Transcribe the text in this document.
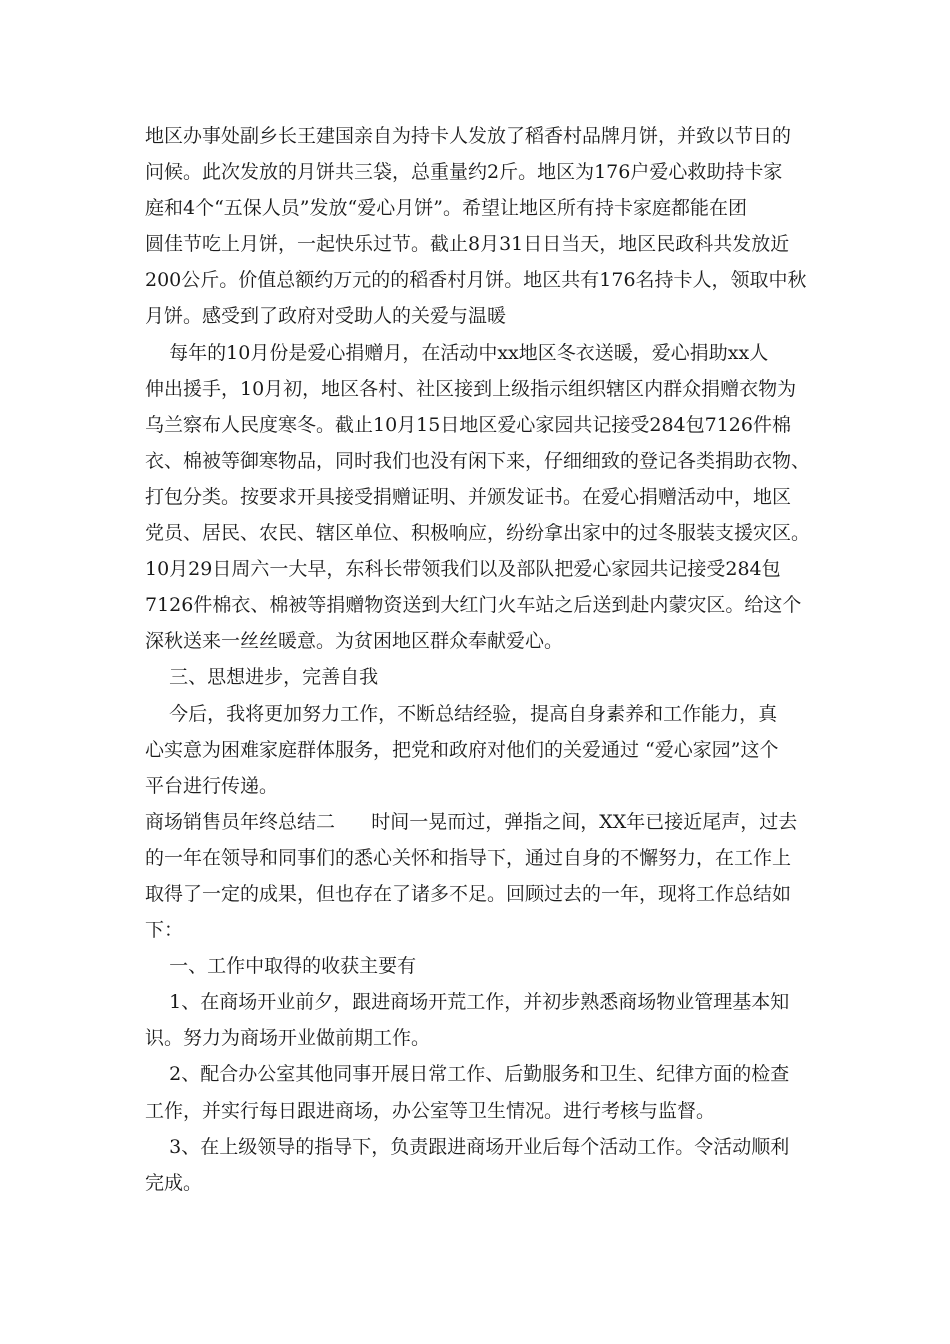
地区办事处副乡长王建国亲自为持卡人发放了稻香村品牌月饼，并致以节日的
问候。此次发放的月饼共三袋，总重量约2斤。地区为176户爱心救助持卡家
庭和4个“五保人员”发放“爱心月饼”。希望让地区所有持卡家庭都能在团
圆佳节吃上月饼，一起快乐过节。截止8月31日日当天，地区民政科共发放近
200公斤。价值总额约万元的的稻香村月饼。地区共有176名持卡人，领取中秋
月饼。感受到了政府对受助人的关爱与温暖
每年的10月份是爱心捐赠月，在活动中xx地区冬衣送暖，爱心捐助xx人
伸出援手，10月初，地区各村、社区接到上级指示组织辖区内群众捐赠衣物为
乌兰察布人民度寒冬。截止10月15日地区爱心家园共记接受284包7126件棉
衣、棉被等御寒物品，同时我们也没有闲下来，仔细细致的登记各类捐助衣物、
打包分类。按要求开具接受捐赠证明、并颁发证书。在爱心捐赠活动中，地区
党员、居民、农民、辖区单位、积极响应，纷纷拿出家中的过冬服装支援灾区。
10月29日周六一大早，东科长带领我们以及部队把爱心家园共记接受284包
7126件棉衣、棉被等捐赠物资送到大红门火车站之后送到赴内蒙灾区。给这个
深秋送来一丝丝暖意。为贫困地区群众奉献爱心。
三、思想进步，完善自我
今后，我将更加努力工作，不断总结经验，提高自身素养和工作能力，真
心实意为困难家庭群体服务，把党和政府对他们的关爱通过 “爱心家园”这个
平台进行传递。
商场销售员年终总结二      时间一晃而过，弹指之间，XX年已接近尾声，过去
的一年在领导和同事们的悉心关怀和指导下，通过自身的不懈努力，在工作上
取得了一定的成果，但也存在了诸多不足。回顾过去的一年，现将工作总结如
下：
一、工作中取得的收获主要有
1、在商场开业前夕，跟进商场开荒工作，并初步熟悉商场物业管理基本知
识。努力为商场开业做前期工作。
2、配合办公室其他同事开展日常工作、后勤服务和卫生、纪律方面的检查
工作，并实行每日跟进商场，办公室等卫生情况。进行考核与监督。
3、在上级领导的指导下，负责跟进商场开业后每个活动工作。令活动顺利
完成。
